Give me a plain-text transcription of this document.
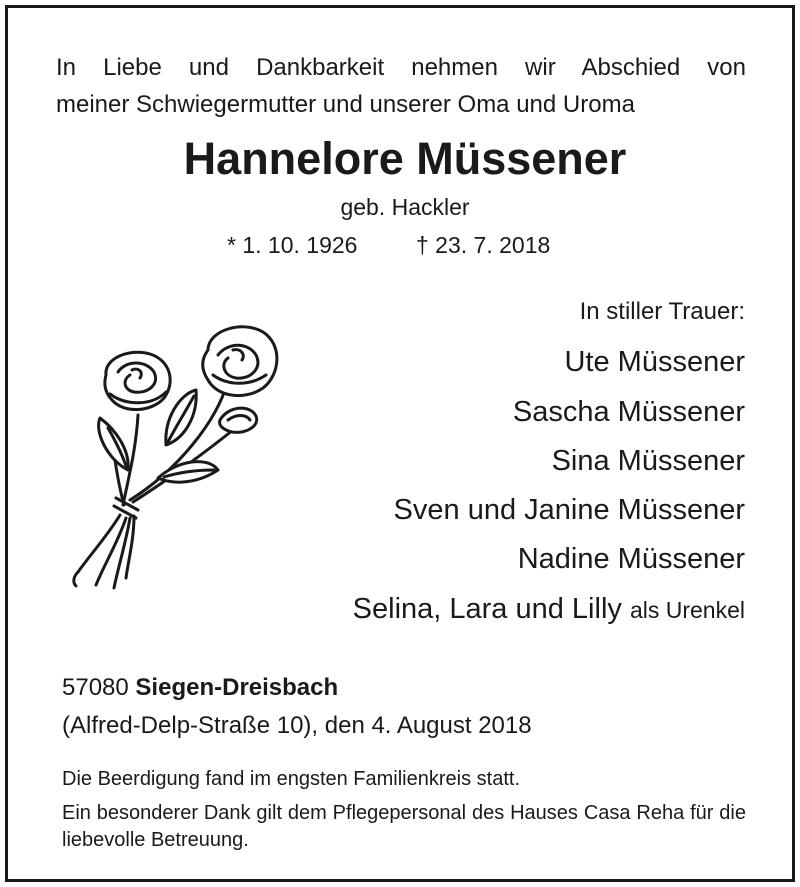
In Liebe und Dankbarkeit nehmen wir Abschied von
meiner Schwiegermutter und unserer Oma und Uroma
Hannelore Müssener
geb. Hackler
* 1. 10. 1926	† 23. 7. 2018
In stiller Trauer:
Ute Müssener
Sascha Müssener
Sina Müssener
Sven und Janine Müssener
Nadine Müssener
Selina, Lara und Lilly als Urenkel
57080 Siegen-Dreisbach
(Alfred-Delp-Straße 10), den 4. August 2018
Die Beerdigung fand im engsten Familienkreis statt.
Ein besonderer Dank gilt dem Pflegepersonal des Hauses Casa Reha für die liebevolle Betreuung.
